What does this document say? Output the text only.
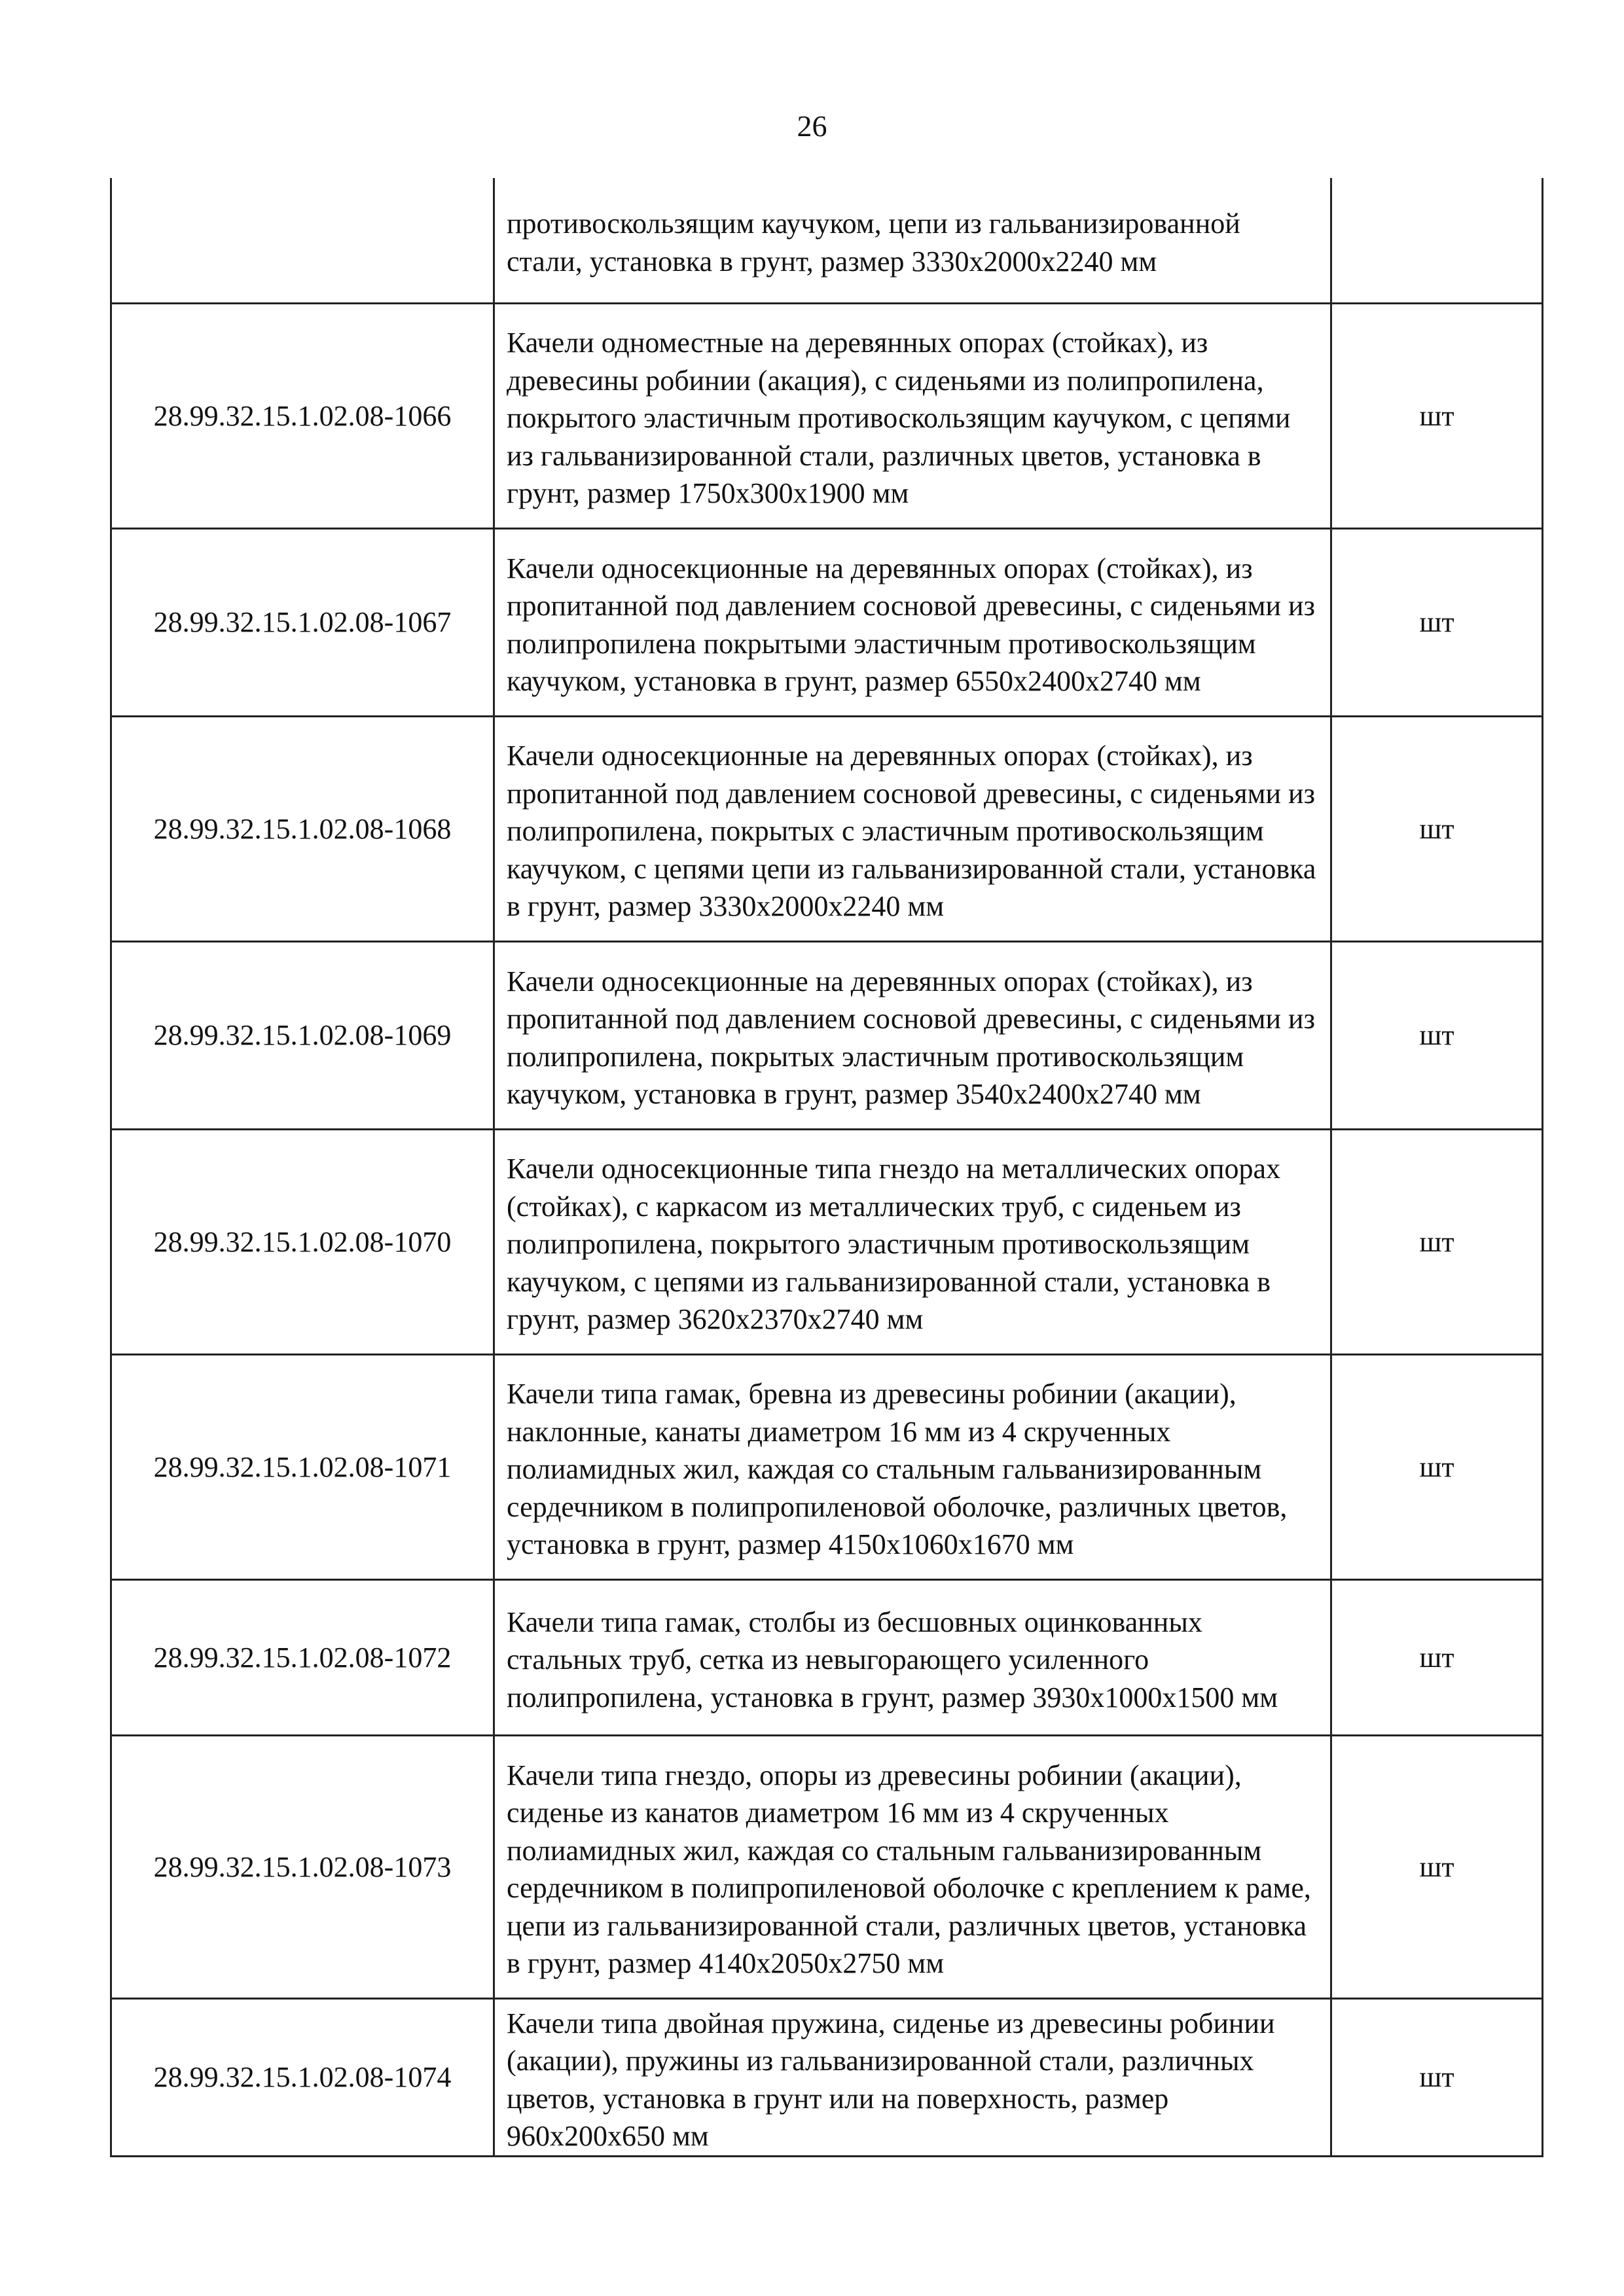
26
	противоскользящим каучуком, цепи из гальванизированной стали, установка в грунт, размер 3330х2000х2240 мм	
28.99.32.15.1.02.08-1066	Качели одноместные на деревянных опорах (стойках), из древесины робинии (акация), с сиденьями из полипропилена, покрытого эластичным противоскользящим каучуком, с цепями из гальванизированной стали, различных цветов, установка в грунт, размер 1750х300х1900 мм	шт
28.99.32.15.1.02.08-1067	Качели односекционные на деревянных опорах (стойках), из пропитанной под давлением сосновой древесины, с сиденьями из полипропилена покрытыми эластичным противоскользящим каучуком, установка в грунт, размер 6550х2400х2740 мм	шт
28.99.32.15.1.02.08-1068	Качели односекционные на деревянных опорах (стойках), из пропитанной под давлением сосновой древесины, с сиденьями из полипропилена, покрытых с эластичным противоскользящим каучуком, с цепями цепи из гальванизированной стали, установка в грунт, размер 3330х2000х2240 мм	шт
28.99.32.15.1.02.08-1069	Качели односекционные на деревянных опорах (стойках), из пропитанной под давлением сосновой древесины, с сиденьями из полипропилена, покрытых эластичным противоскользящим каучуком, установка в грунт, размер 3540х2400х2740 мм	шт
28.99.32.15.1.02.08-1070	Качели односекционные типа гнездо на металлических опорах (стойках), с каркасом из металлических труб, с сиденьем из полипропилена, покрытого эластичным противоскользящим каучуком, с цепями из гальванизированной стали, установка в грунт, размер 3620х2370х2740 мм	шт
28.99.32.15.1.02.08-1071	Качели типа гамак, бревна из древесины робинии (акации), наклонные, канаты диаметром 16 мм из 4 скрученных полиамидных жил, каждая со стальным гальванизированным сердечником в полипропиленовой оболочке, различных цветов, установка в грунт, размер 4150х1060х1670 мм	шт
28.99.32.15.1.02.08-1072	Качели типа гамак, столбы из бесшовных оцинкованных стальных труб, сетка из невыгорающего усиленного полипропилена, установка в грунт, размер 3930х1000х1500 мм	шт
28.99.32.15.1.02.08-1073	Качели типа гнездо, опоры из древесины робинии (акации), сиденье из канатов диаметром 16 мм из 4 скрученных полиамидных жил, каждая со стальным гальванизированным сердечником в полипропиленовой оболочке с креплением к раме, цепи из гальванизированной стали, различных цветов, установка в грунт, размер 4140х2050х2750 мм	шт
28.99.32.15.1.02.08-1074	Качели типа двойная пружина, сиденье из древесины робинии (акации), пружины из гальванизированной стали, различных цветов, установка в грунт или на поверхность, размер 960х200х650 мм	шт
